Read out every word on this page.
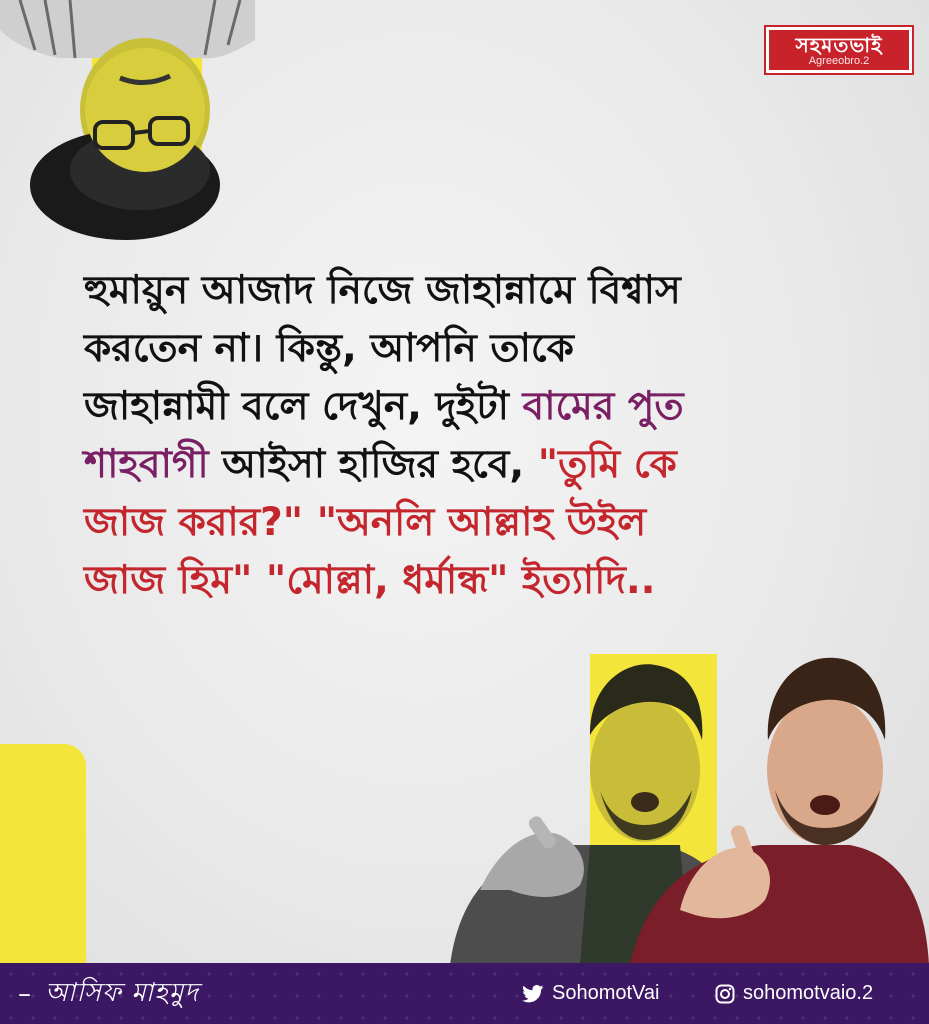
সহমতভাই
Agreeobro.2

হুমায়ুন আজাদ নিজে জাহান্নামে বিশ্বাস

করতেন না। কিন্তু, আপনি তাকে

জাহান্নামী বলে দেখুন, দুইটা বামের পুত

শাহবাগী আইসা হাজির হবে, "তুমি কে

জাজ করার?" "অনলি আল্লাহ উইল

জাজ হিম" "মোল্লা, ধর্মান্ধ" ইত্যাদি..

– আসিফ মাহমুদ	SohomotVai	sohomotvaio.2
